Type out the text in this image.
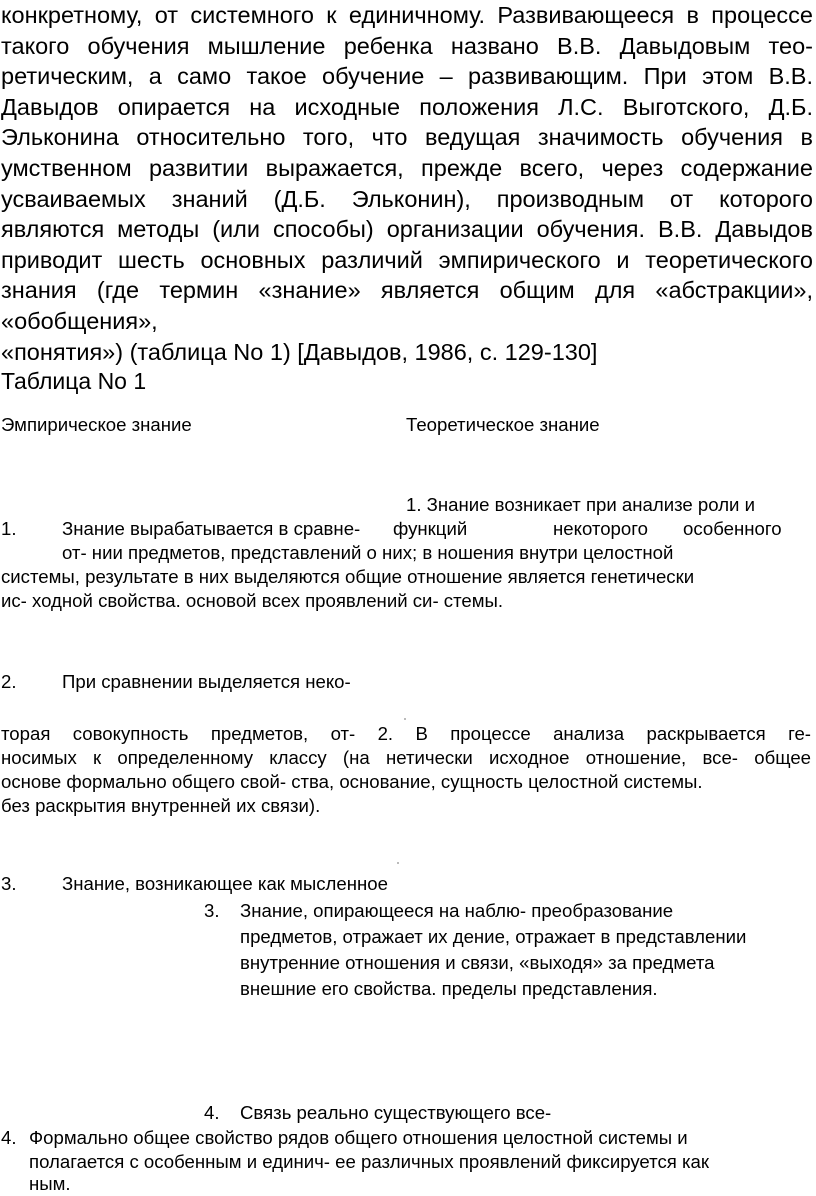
конкретному, от системного к единичному. Развивающееся в процессе
такого обучения мышление ребенка названо В.В. Давыдовым тео-
ретическим, а само такое обучение – развивающим. При этом В.В.
Давыдов опирается на исходные положения Л.С. Выготского, Д.Б.
Эльконина относительно того, что ведущая значимость обучения в
умственном развитии выражается, прежде всего, через содержание
усваиваемых знаний (Д.Б. Эльконин), производным от которого
являются методы (или способы) организации обучения. В.В. Давыдов
приводит шесть основных различий эмпирического и теоретического
знания (где термин «знание» является общим для «абстракции»,
«обобщения»,
«понятия») (таблица No 1) [Давыдов, 1986, с. 129-130]
Таблица No 1
Эмпирическое знание	Теоретическое знание
1. Знание возникает при анализе роли и
1. Знание вырабатывается в сравне- функций	некоторого особенного
от- нии предметов, представлений о них; в ношения внутри целостной
системы, результате в них выделяются общие отношение является генетически
ис- ходной свойства. основой всех проявлений си- стемы.
2. При сравнении выделяется неко-
торая совокупность предметов, от- 2. В процессе анализа раскрывается ге-
носимых к определенному классу (на нетически исходное отношение, все- общее
основе формально общего свой- ства, основание, сущность целостной системы.
без раскрытия внутренней их связи).
3. Знание, возникающее как мысленное
3. Знание, опирающееся на наблю- преобразование
предметов, отражает их дение, отражает в представлении
внутренние отношения и связи, «выходя» за предмета
внешние его свойства. пределы представления.
4. Связь реально существующего все-
4. Формально общее свойство рядов общего отношения целостной системы и
полагается с особенным и единич- ее различных проявлений фиксируется как
ным.
